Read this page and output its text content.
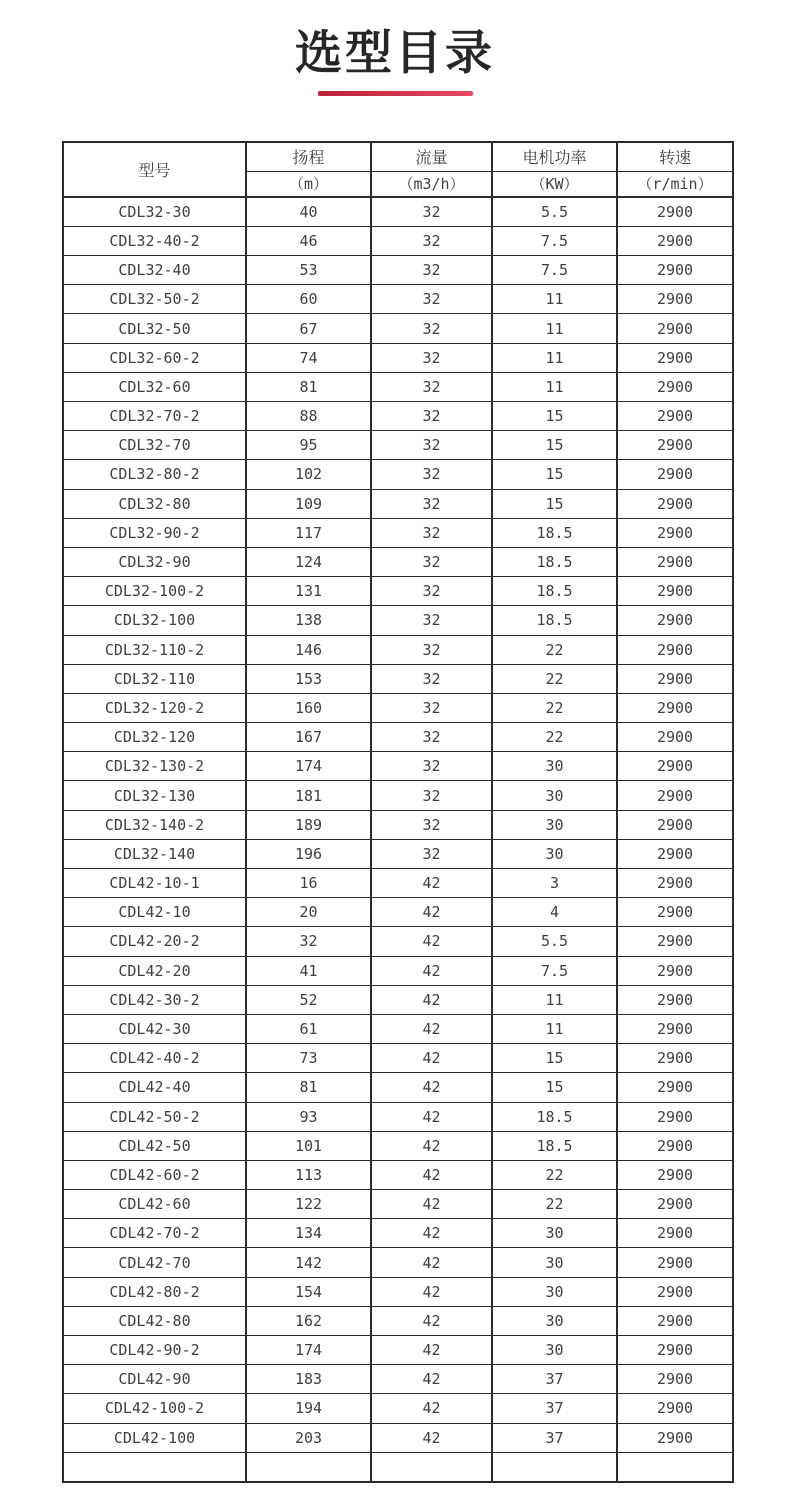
选型目录
型号	扬程	流量	电机功率	转速
	（m）	（m3/h）	（KW）	（r/min）
CDL32-30	40	32	5.5	2900
CDL32-40-2	46	32	7.5	2900
CDL32-40	53	32	7.5	2900
CDL32-50-2	60	32	11	2900
CDL32-50	67	32	11	2900
CDL32-60-2	74	32	11	2900
CDL32-60	81	32	11	2900
CDL32-70-2	88	32	15	2900
CDL32-70	95	32	15	2900
CDL32-80-2	102	32	15	2900
CDL32-80	109	32	15	2900
CDL32-90-2	117	32	18.5	2900
CDL32-90	124	32	18.5	2900
CDL32-100-2	131	32	18.5	2900
CDL32-100	138	32	18.5	2900
CDL32-110-2	146	32	22	2900
CDL32-110	153	32	22	2900
CDL32-120-2	160	32	22	2900
CDL32-120	167	32	22	2900
CDL32-130-2	174	32	30	2900
CDL32-130	181	32	30	2900
CDL32-140-2	189	32	30	2900
CDL32-140	196	32	30	2900
CDL42-10-1	16	42	3	2900
CDL42-10	20	42	4	2900
CDL42-20-2	32	42	5.5	2900
CDL42-20	41	42	7.5	2900
CDL42-30-2	52	42	11	2900
CDL42-30	61	42	11	2900
CDL42-40-2	73	42	15	2900
CDL42-40	81	42	15	2900
CDL42-50-2	93	42	18.5	2900
CDL42-50	101	42	18.5	2900
CDL42-60-2	113	42	22	2900
CDL42-60	122	42	22	2900
CDL42-70-2	134	42	30	2900
CDL42-70	142	42	30	2900
CDL42-80-2	154	42	30	2900
CDL42-80	162	42	30	2900
CDL42-90-2	174	42	30	2900
CDL42-90	183	42	37	2900
CDL42-100-2	194	42	37	2900
CDL42-100	203	42	37	2900
